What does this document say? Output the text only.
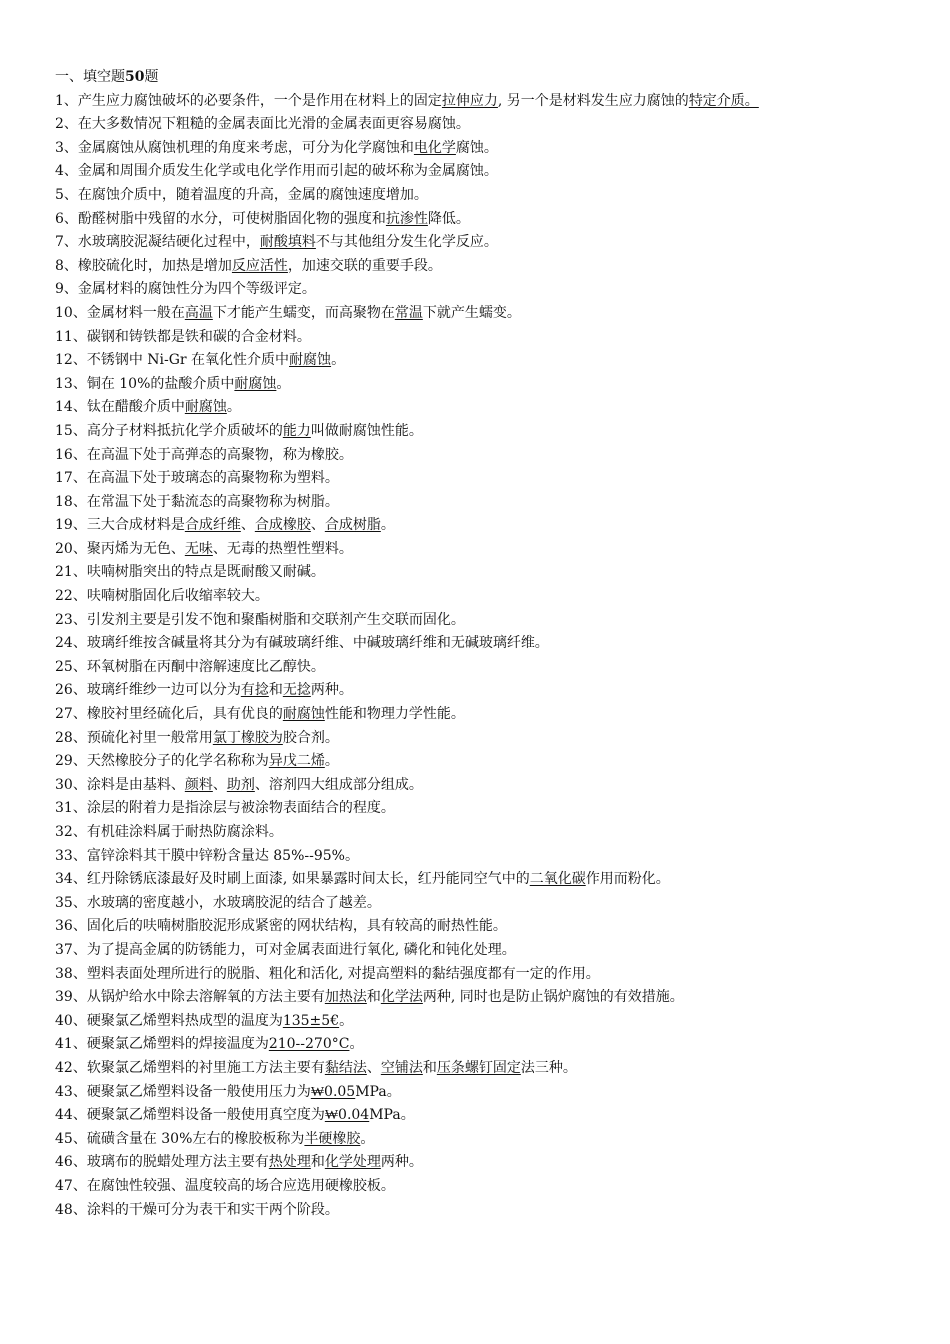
一、填空题50题
1、产生应力腐蚀破坏的必要条件，一个是作用在材料上的固定拉伸应力, 另一个是材料发生应力腐蚀的特定介质。
2、在大多数情况下粗糙的金属表面比光滑的金属表面更容易腐蚀。
3、金属腐蚀从腐蚀机理的角度来考虑，可分为化学腐蚀和电化学腐蚀。
4、金属和周围介质发生化学或电化学作用而引起的破坏称为金属腐蚀。
5、在腐蚀介质中，随着温度的升高，金属的腐蚀速度增加。
6、酚醛树脂中残留的水分，可使树脂固化物的强度和抗渗性降低。
7、水玻璃胶泥凝结硬化过程中，耐酸填料不与其他组分发生化学反应。
8、橡胶硫化时，加热是增加反应活性，加速交联的重要手段。
9、金属材料的腐蚀性分为四个等级评定。
10、金属材料一般在高温下才能产生蠕变，而高聚物在常温下就产生蠕变。
11、碳钢和铸铁都是铁和碳的合金材料。
12、不锈钢中 Ni-Gr 在氧化性介质中耐腐蚀。
13、铜在 10%的盐酸介质中耐腐蚀。
14、钛在醋酸介质中耐腐蚀。
15、高分子材料抵抗化学介质破坏的能力叫做耐腐蚀性能。
16、在高温下处于高弹态的高聚物，称为橡胶。
17、在高温下处于玻璃态的高聚物称为塑料。
18、在常温下处于黏流态的高聚物称为树脂。
19、三大合成材料是合成纤维、合成橡胶、合成树脂。
20、聚丙烯为无色、无味、无毒的热塑性塑料。
21、呋喃树脂突出的特点是既耐酸又耐碱。
22、呋喃树脂固化后收缩率较大。
23、引发剂主要是引发不饱和聚酯树脂和交联剂产生交联而固化。
24、玻璃纤维按含碱量将其分为有碱玻璃纤维、中碱玻璃纤维和无碱玻璃纤维。
25、环氧树脂在丙酮中溶解速度比乙醇快。
26、玻璃纤维纱一边可以分为有捻和无捻两种。
27、橡胶衬里经硫化后，具有优良的耐腐蚀性能和物理力学性能。
28、预硫化衬里一般常用氯丁橡胶为胶合剂。
29、天然橡胶分子的化学名称称为异戊二烯。
30、涂料是由基料、颜料、助剂、溶剂四大组成部分组成。
31、涂层的附着力是指涂层与被涂物表面结合的程度。
32、有机硅涂料属于耐热防腐涂料。
33、富锌涂料其干膜中锌粉含量达 85%--95%。
34、红丹除锈底漆最好及时刷上面漆, 如果暴露时间太长，红丹能同空气中的二氧化碳作用而粉化。
35、水玻璃的密度越小，水玻璃胶泥的结合了越差。
36、固化后的呋喃树脂胶泥形成紧密的网状结构，具有较高的耐热性能。
37、为了提高金属的防锈能力，可对金属表面进行氧化, 磷化和钝化处理。
38、塑料表面处理所进行的脱脂、粗化和活化, 对提高塑料的黏结强度都有一定的作用。
39、从锅炉给水中除去溶解氧的方法主要有加热法和化学法两种, 同时也是防止锅炉腐蚀的有效措施。
40、硬聚氯乙烯塑料热成型的温度为135±5€。
41、硬聚氯乙烯塑料的焊接温度为210--270°C。
42、软聚氯乙烯塑料的衬里施工方法主要有黏结法、空铺法和压条螺钉固定法三种。
43、硬聚氯乙烯塑料设备一般使用压力为₩0.05MPa。
44、硬聚氯乙烯塑料设备一般使用真空度为₩0.04MPa。
45、硫磺含量在 30%左右的橡胶板称为半硬橡胶。
46、玻璃布的脱蜡处理方法主要有热处理和化学处理两种。
47、在腐蚀性较强、温度较高的场合应选用硬橡胶板。
48、涂料的干燥可分为表干和实干两个阶段。
